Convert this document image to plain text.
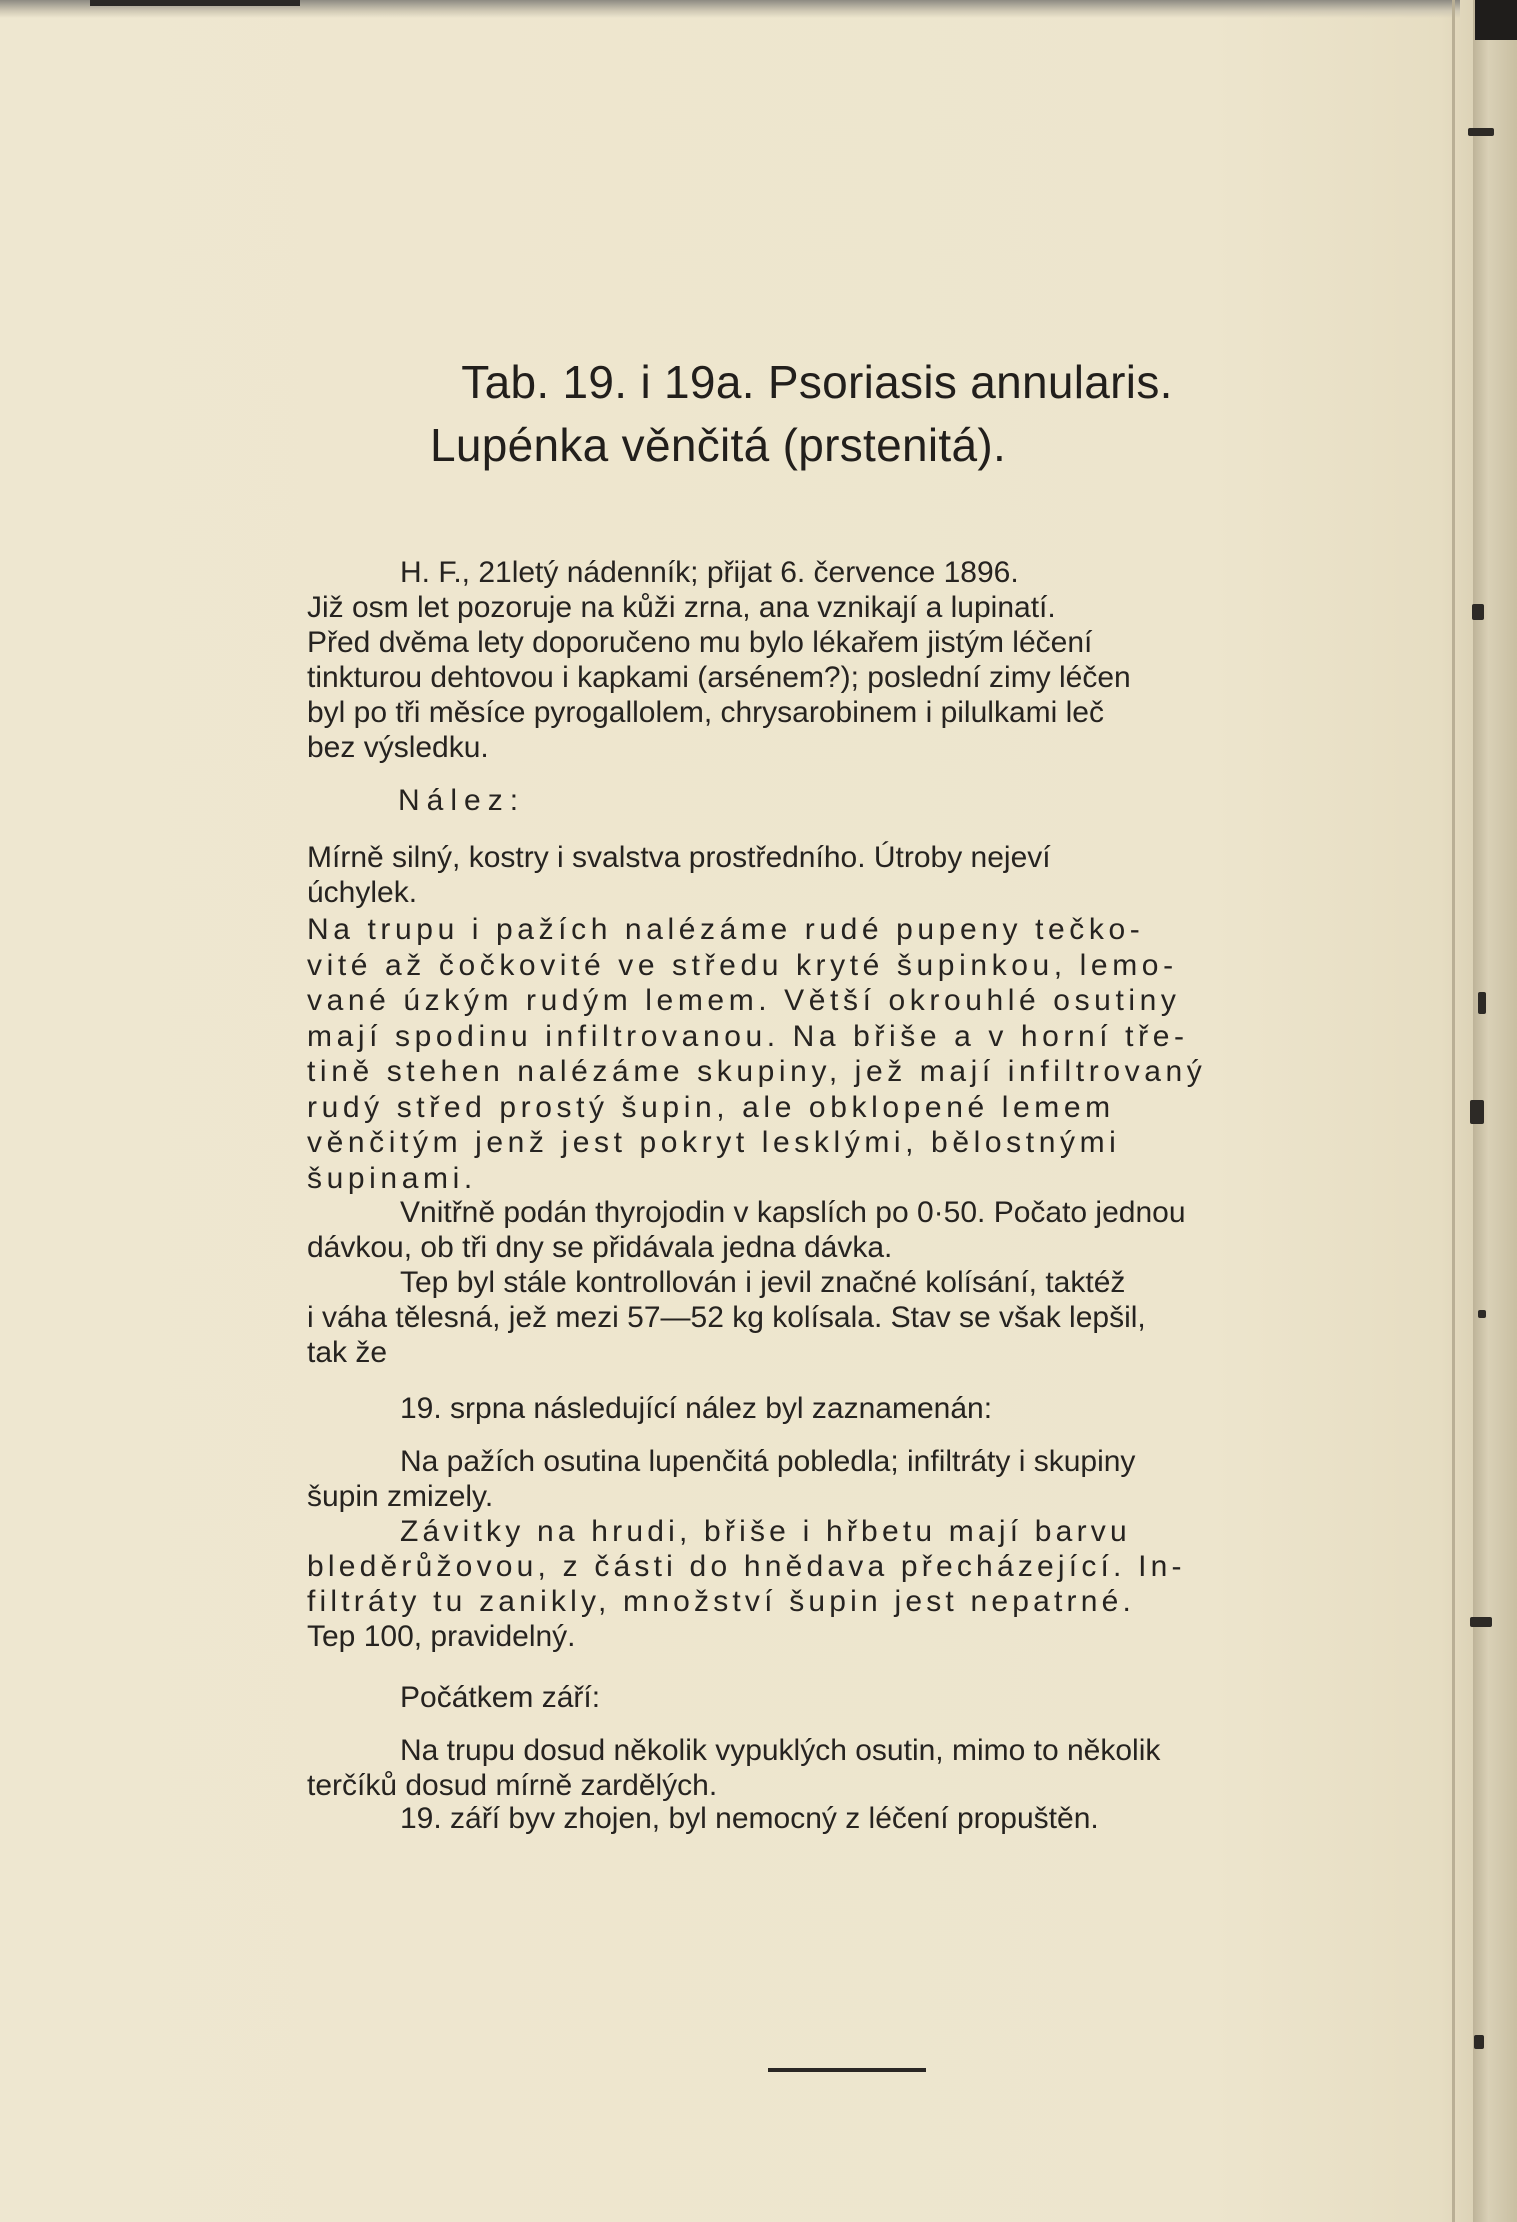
Tab. 19. i 19a. Psoriasis annularis.
Lupénka věnčitá (prstenitá).
H. F., 21letý nádenník; přijat 6. července 1896.
Již osm let pozoruje na kůži zrna, ana vznikají a lupinatí.
Před dvěma lety doporučeno mu bylo lékařem jistým léčení
tinkturou dehtovou i kapkami (arsénem?); poslední zimy léčen
byl po tři měsíce pyrogallolem, chrysarobinem i pilulkami leč
bez výsledku.
Nález:
Mírně silný, kostry i svalstva prostředního. Útroby nejeví
úchylek.
Na trupu i pažích nalézáme rudé pupeny tečko-
vité až čočkovité ve středu kryté šupinkou, lemo-
vané úzkým rudým lemem. Větší okrouhlé osutiny
mají spodinu infiltrovanou. Na břiše a v horní tře-
tině stehen nalézáme skupiny, jež mají infiltrovaný
rudý střed prostý šupin, ale obklopené lemem
věnčitým jenž jest pokryt lesklými, bělostnými
šupinami.
Vnitřně podán thyrojodin v kapslích po 0·50. Počato jednou
dávkou, ob tři dny se přidávala jedna dávka.
Tep byl stále kontrollován i jevil značné kolísání, taktéž
i váha tělesná, jež mezi 57—52 kg kolísala. Stav se však lepšil,
tak že
19. srpna následující nález byl zaznamenán:
Na pažích osutina lupenčitá pobledla; infiltráty i skupiny
šupin zmizely.
Závitky na hrudi, břiše i hřbetu mají barvu
bleděrůžovou, z části do hnědava přecházející. In-
filtráty tu zanikly, množství šupin jest nepatrné.
Tep 100, pravidelný.
Počátkem září:
Na trupu dosud několik vypuklých osutin, mimo to několik
terčíků dosud mírně zardělých.
19. září byv zhojen, byl nemocný z léčení propuštěn.
